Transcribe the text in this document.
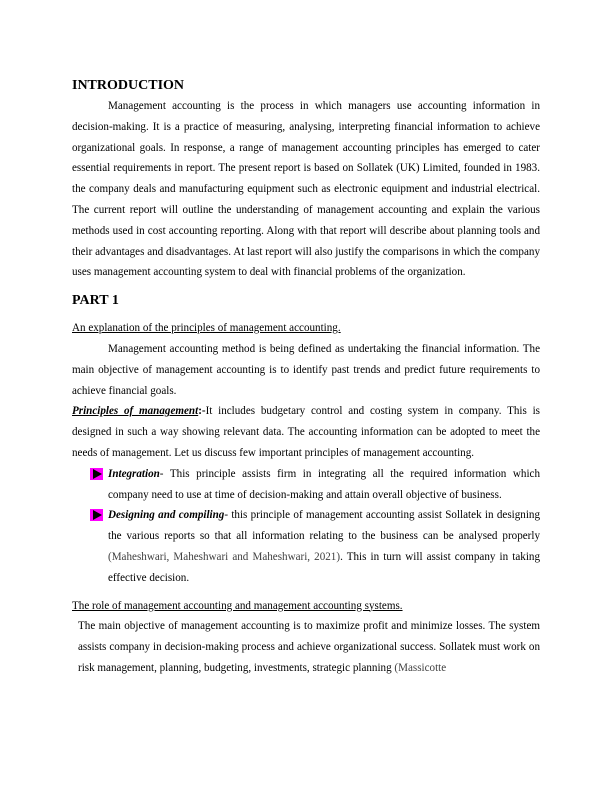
INTRODUCTION

Management accounting is the process in which managers use accounting information in decision-making. It is a practice of measuring, analysing, interpreting financial information to achieve organizational goals. In response, a range of management accounting principles has emerged to cater essential requirements in report. The present report is based on Sollatek (UK) Limited, founded in 1983. the company deals and manufacturing equipment such as electronic equipment and industrial electrical. The current report will outline the understanding of management accounting and explain the various methods used in cost accounting reporting. Along with that report will describe about planning tools and their advantages and disadvantages. At last report will also justify the comparisons in which the company uses management accounting system to deal with financial problems of the organization.

PART 1

An explanation of the principles of management accounting.

Management accounting method is being defined as undertaking the financial information. The main objective of management accounting is to identify past trends and predict future requirements to achieve financial goals.

Principles of management:-It includes budgetary control and costing system in company. This is designed in such a way showing relevant data. The accounting information can be adopted to meet the needs of management. Let us discuss few important principles of management accounting.

Integration- This principle assists firm in integrating all the required information which company need to use at time of decision-making and attain overall objective of business.
Designing and compiling- this principle of management accounting assist Sollatek in designing the various reports so that all information relating to the business can be analysed properly (Maheshwari, Maheshwari and Maheshwari, 2021). This in turn will assist company in taking effective decision.

The role of management accounting and management accounting systems.

The main objective of management accounting is to maximize profit and minimize losses. The system assists company in decision-making process and achieve organizational success. Sollatek must work on risk management, planning, budgeting, investments, strategic planning (Massicotte
